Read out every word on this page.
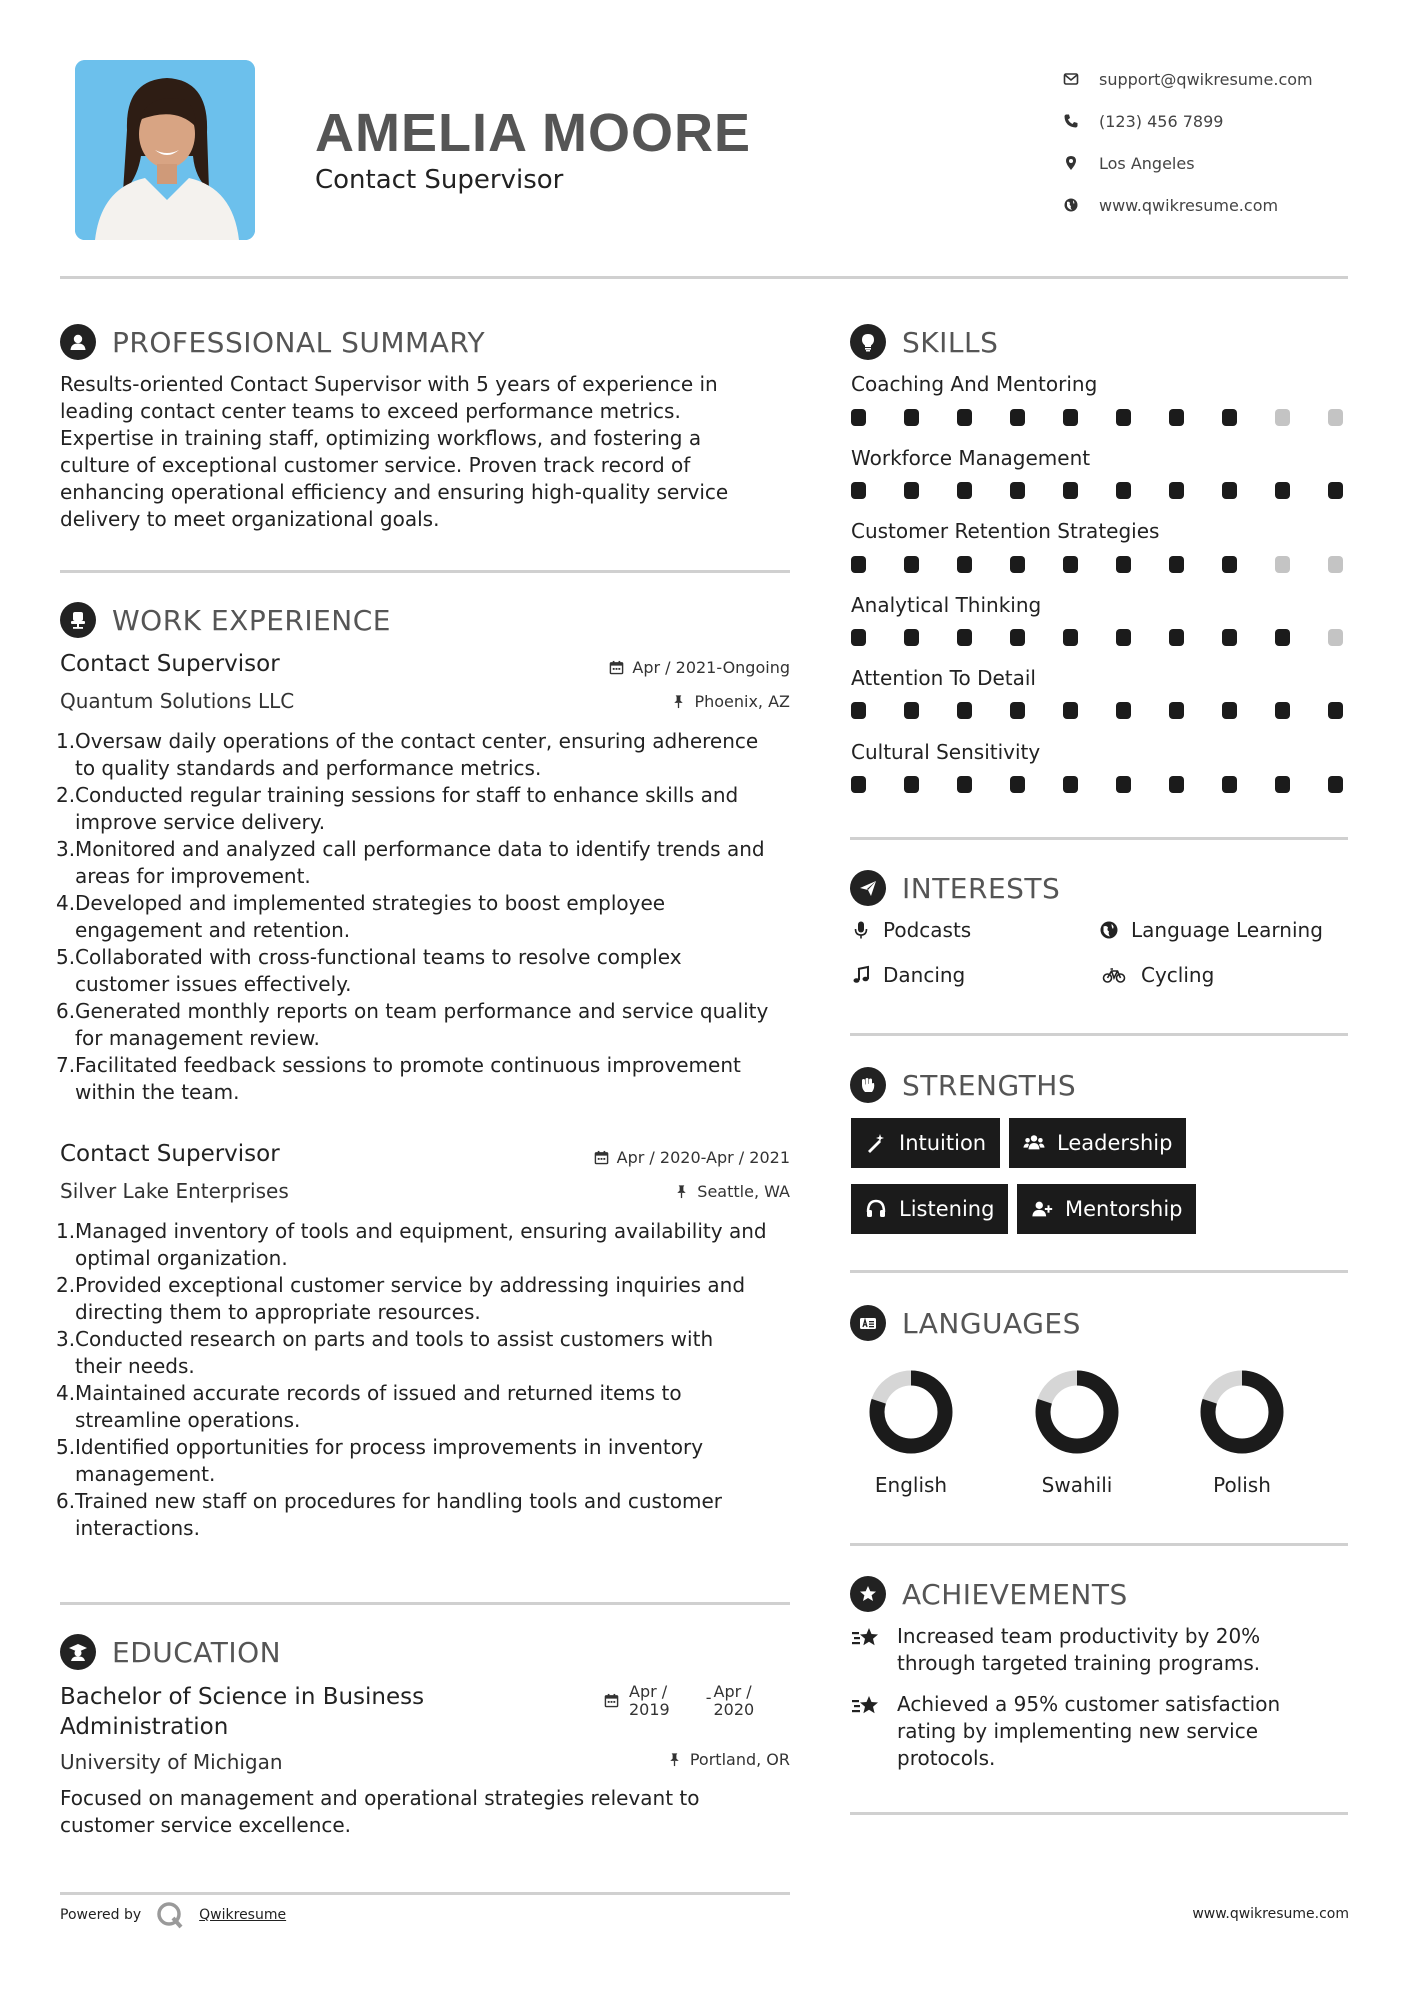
AMELIA MOORE
Contact Supervisor
support@qwikresume.com
(123) 456 7899
Los Angeles
www.qwikresume.com
PROFESSIONAL SUMMARY
Results-oriented Contact Supervisor with 5 years of experience in
leading contact center teams to exceed performance metrics.
Expertise in training staff, optimizing workflows, and fostering a
culture of exceptional customer service. Proven track record of
enhancing operational efficiency and ensuring high-quality service
delivery to meet organizational goals.
WORK EXPERIENCE
Contact Supervisor	Apr / 2021-Ongoing
Quantum Solutions LLC	Phoenix, AZ
1. Oversaw daily operations of the contact center, ensuring adherence
to quality standards and performance metrics.
2. Conducted regular training sessions for staff to enhance skills and
improve service delivery.
3. Monitored and analyzed call performance data to identify trends and
areas for improvement.
4. Developed and implemented strategies to boost employee
engagement and retention.
5. Collaborated with cross-functional teams to resolve complex
customer issues effectively.
6. Generated monthly reports on team performance and service quality
for management review.
7. Facilitated feedback sessions to promote continuous improvement
within the team.
Contact Supervisor	Apr / 2020-Apr / 2021
Silver Lake Enterprises	Seattle, WA
1. Managed inventory of tools and equipment, ensuring availability and
optimal organization.
2. Provided exceptional customer service by addressing inquiries and
directing them to appropriate resources.
3. Conducted research on parts and tools to assist customers with
their needs.
4. Maintained accurate records of issued and returned items to
streamline operations.
5. Identified opportunities for process improvements in inventory
management.
6. Trained new staff on procedures for handling tools and customer
interactions.
EDUCATION
Bachelor of Science in Business
Administration
Apr /
2019
- Apr /
2020
University of Michigan	Portland, OR
Focused on management and operational strategies relevant to
customer service excellence.
SKILLS
Coaching And Mentoring
Workforce Management
Customer Retention Strategies
Analytical Thinking
Attention To Detail
Cultural Sensitivity
INTERESTS
Podcasts	Language Learning
Dancing	Cycling
STRENGTHS
Intuition	Leadership
Listening	Mentorship
LANGUAGES
English	Swahili	Polish
ACHIEVEMENTS
Increased team productivity by 20%
through targeted training programs.
Achieved a 95% customer satisfaction
rating by implementing new service
protocols.
Powered by	Qwikresume	www.qwikresume.com
